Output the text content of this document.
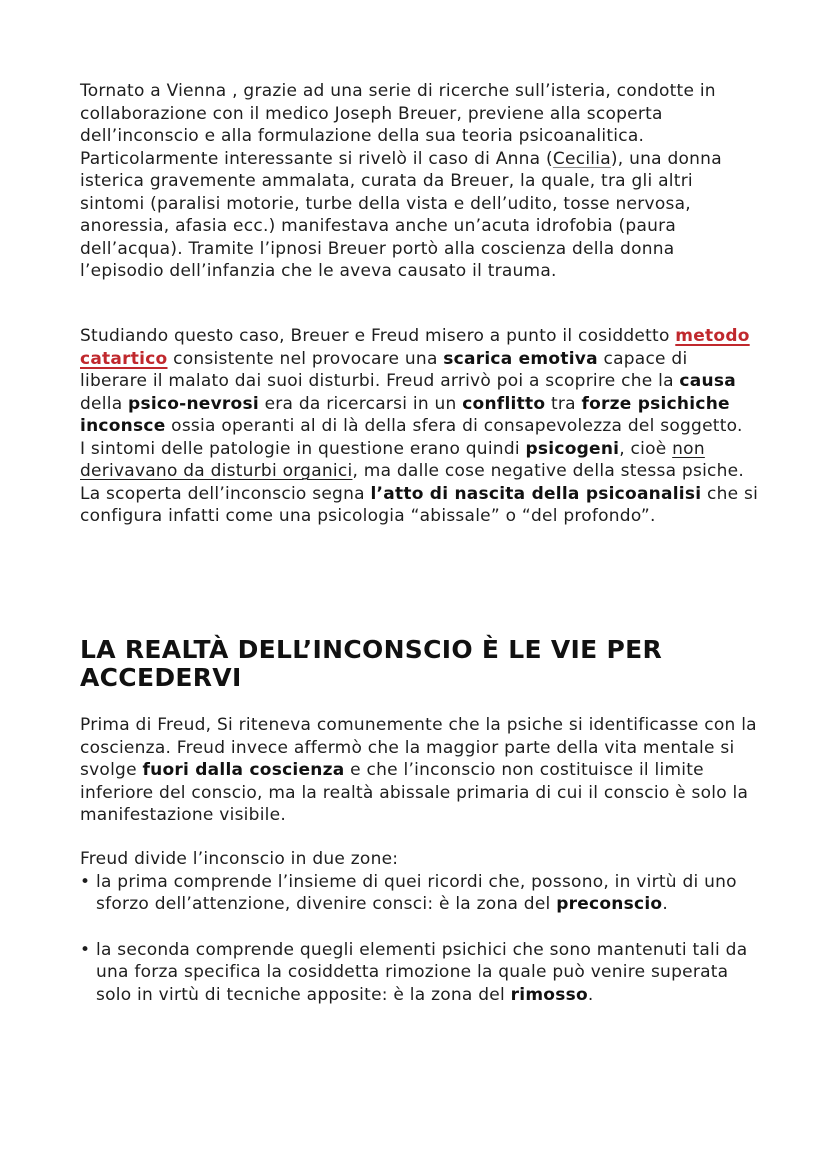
Tornato a Vienna , grazie ad una serie di ricerche sull’isteria, condotte in collaborazione con il medico Joseph Breuer, previene alla scoperta dell’inconscio e alla formulazione della sua teoria psicoanalitica.
Particolarmente interessante si rivelò il caso di Anna (Cecilia), una donna isterica gravemente ammalata, curata da Breuer, la quale, tra gli altri sintomi (paralisi motorie, turbe della vista e dell’udito, tosse nervosa, anoressia, afasia ecc.) manifestava anche un’acuta idrofobia (paura dell’acqua). Tramite l’ipnosi Breuer portò alla coscienza della donna l’episodio dell’infanzia che le aveva causato il trauma.

Studiando questo caso, Breuer e Freud misero a punto il cosiddetto metodo catartico consistente nel provocare una scarica emotiva capace di liberare il malato dai suoi disturbi. Freud arrivò poi a scoprire che la causa della psico-nevrosi era da ricercarsi in un conflitto tra forze psichiche inconsce ossia operanti al di là della sfera di consapevolezza del soggetto.
I sintomi delle patologie in questione erano quindi psicogeni, cioè non derivavano da disturbi organici, ma dalle cose negative della stessa psiche.
La scoperta dell’inconscio segna l’atto di nascita della psicoanalisi che si configura infatti come una psicologia “abissale” o “del profondo”.

LA REALTÀ DELL’INCONSCIO È LE VIE PER
ACCEDERVI

Prima di Freud, Si riteneva comunemente che la psiche si identificasse con la coscienza. Freud invece affermò che la maggior parte della vita mentale si svolge fuori dalla coscienza e che l’inconscio non costituisce il limite inferiore del conscio, ma la realtà abissale primaria di cui il conscio è solo la manifestazione visibile.

Freud divide l’inconscio in due zone:

• la prima comprende l’insieme di quei ricordi che, possono, in virtù di uno sforzo dell’attenzione, divenire consci: è la zona del preconscio.
• la seconda comprende quegli elementi psichici che sono mantenuti tali da una forza specifica la cosiddetta rimozione la quale può venire superata solo in virtù di tecniche apposite: è la zona del rimosso.
